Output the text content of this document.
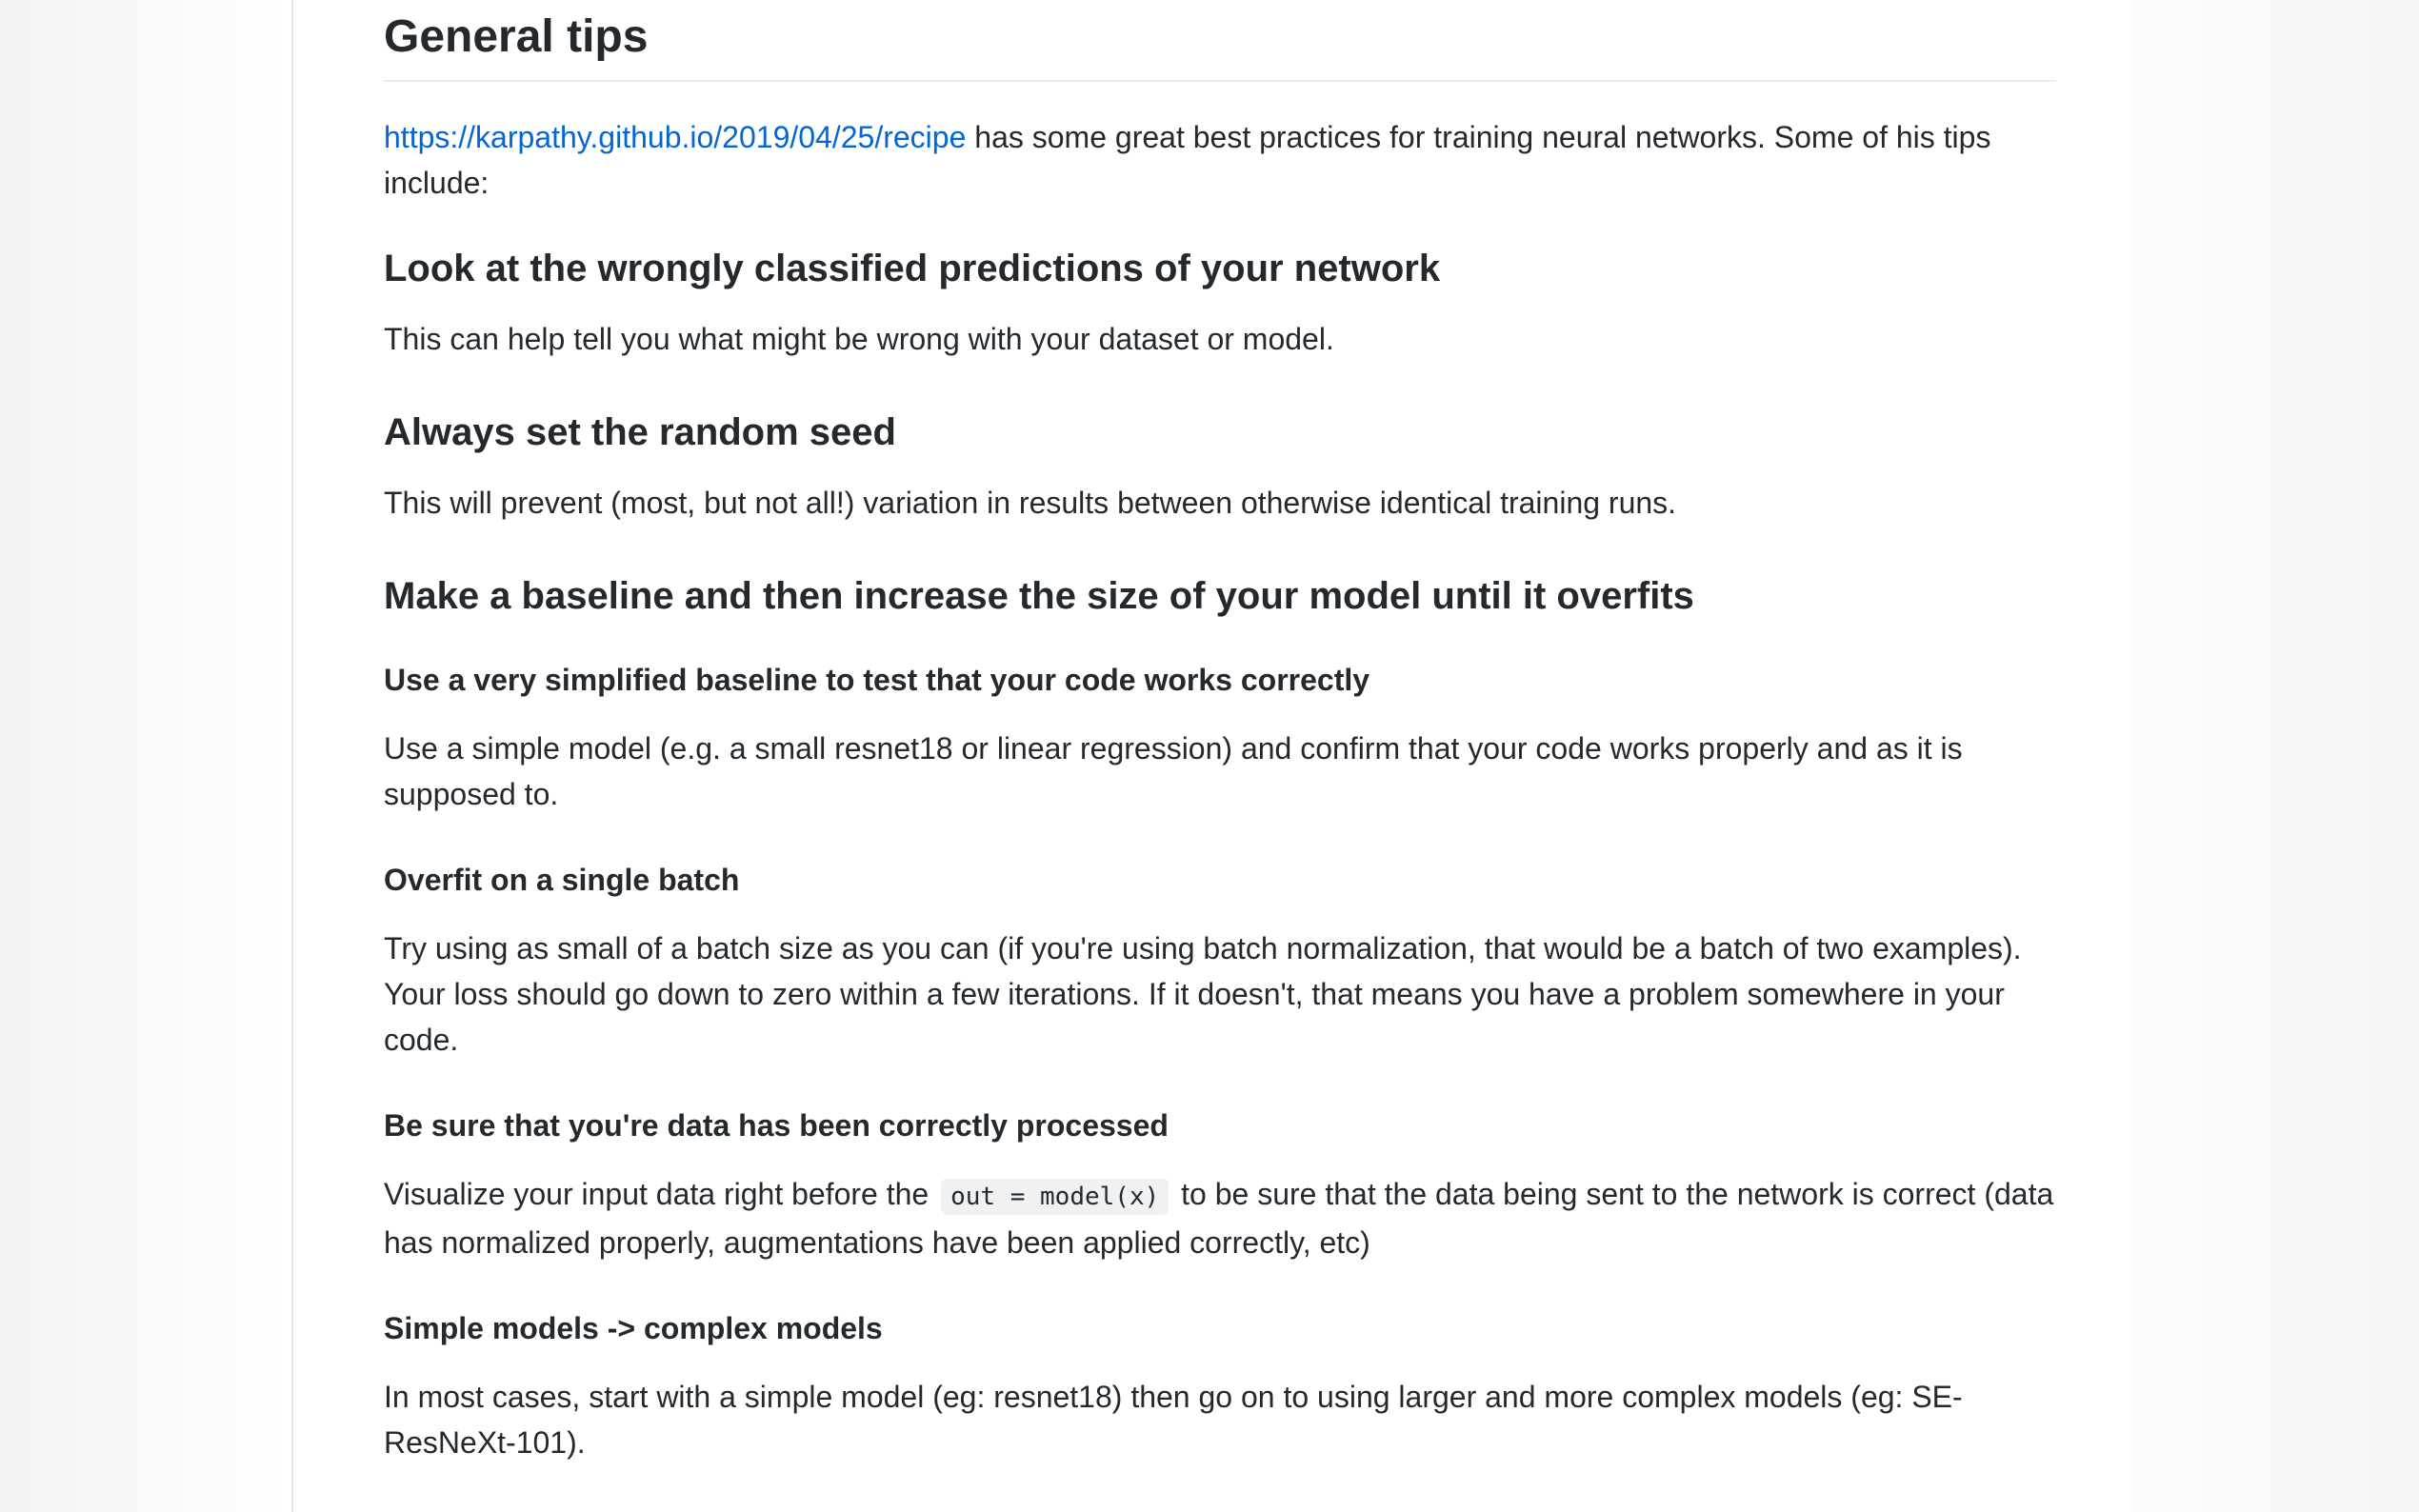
General tips

https://karpathy.github.io/2019/04/25/recipe has some great best practices for training neural networks. Some of his tips include:

Look at the wrongly classified predictions of your network

This can help tell you what might be wrong with your dataset or model.

Always set the random seed

This will prevent (most, but not all!) variation in results between otherwise identical training runs.

Make a baseline and then increase the size of your model until it overfits
Use a very simplified baseline to test that your code works correctly

Use a simple model (e.g. a small resnet18 or linear regression) and confirm that your code works properly and as it is supposed to.

Overfit on a single batch

Try using as small of a batch size as you can (if you're using batch normalization, that would be a batch of two examples). Your loss should go down to zero within a few iterations. If it doesn't, that means you have a problem somewhere in your code.

Be sure that you're data has been correctly processed

Visualize your input data right before the out = model(x) to be sure that the data being sent to the network is correct (data has normalized properly, augmentations have been applied correctly, etc)

Simple models -> complex models

In most cases, start with a simple model (eg: resnet18) then go on to using larger and more complex models (eg: SE-ResNeXt-101).
